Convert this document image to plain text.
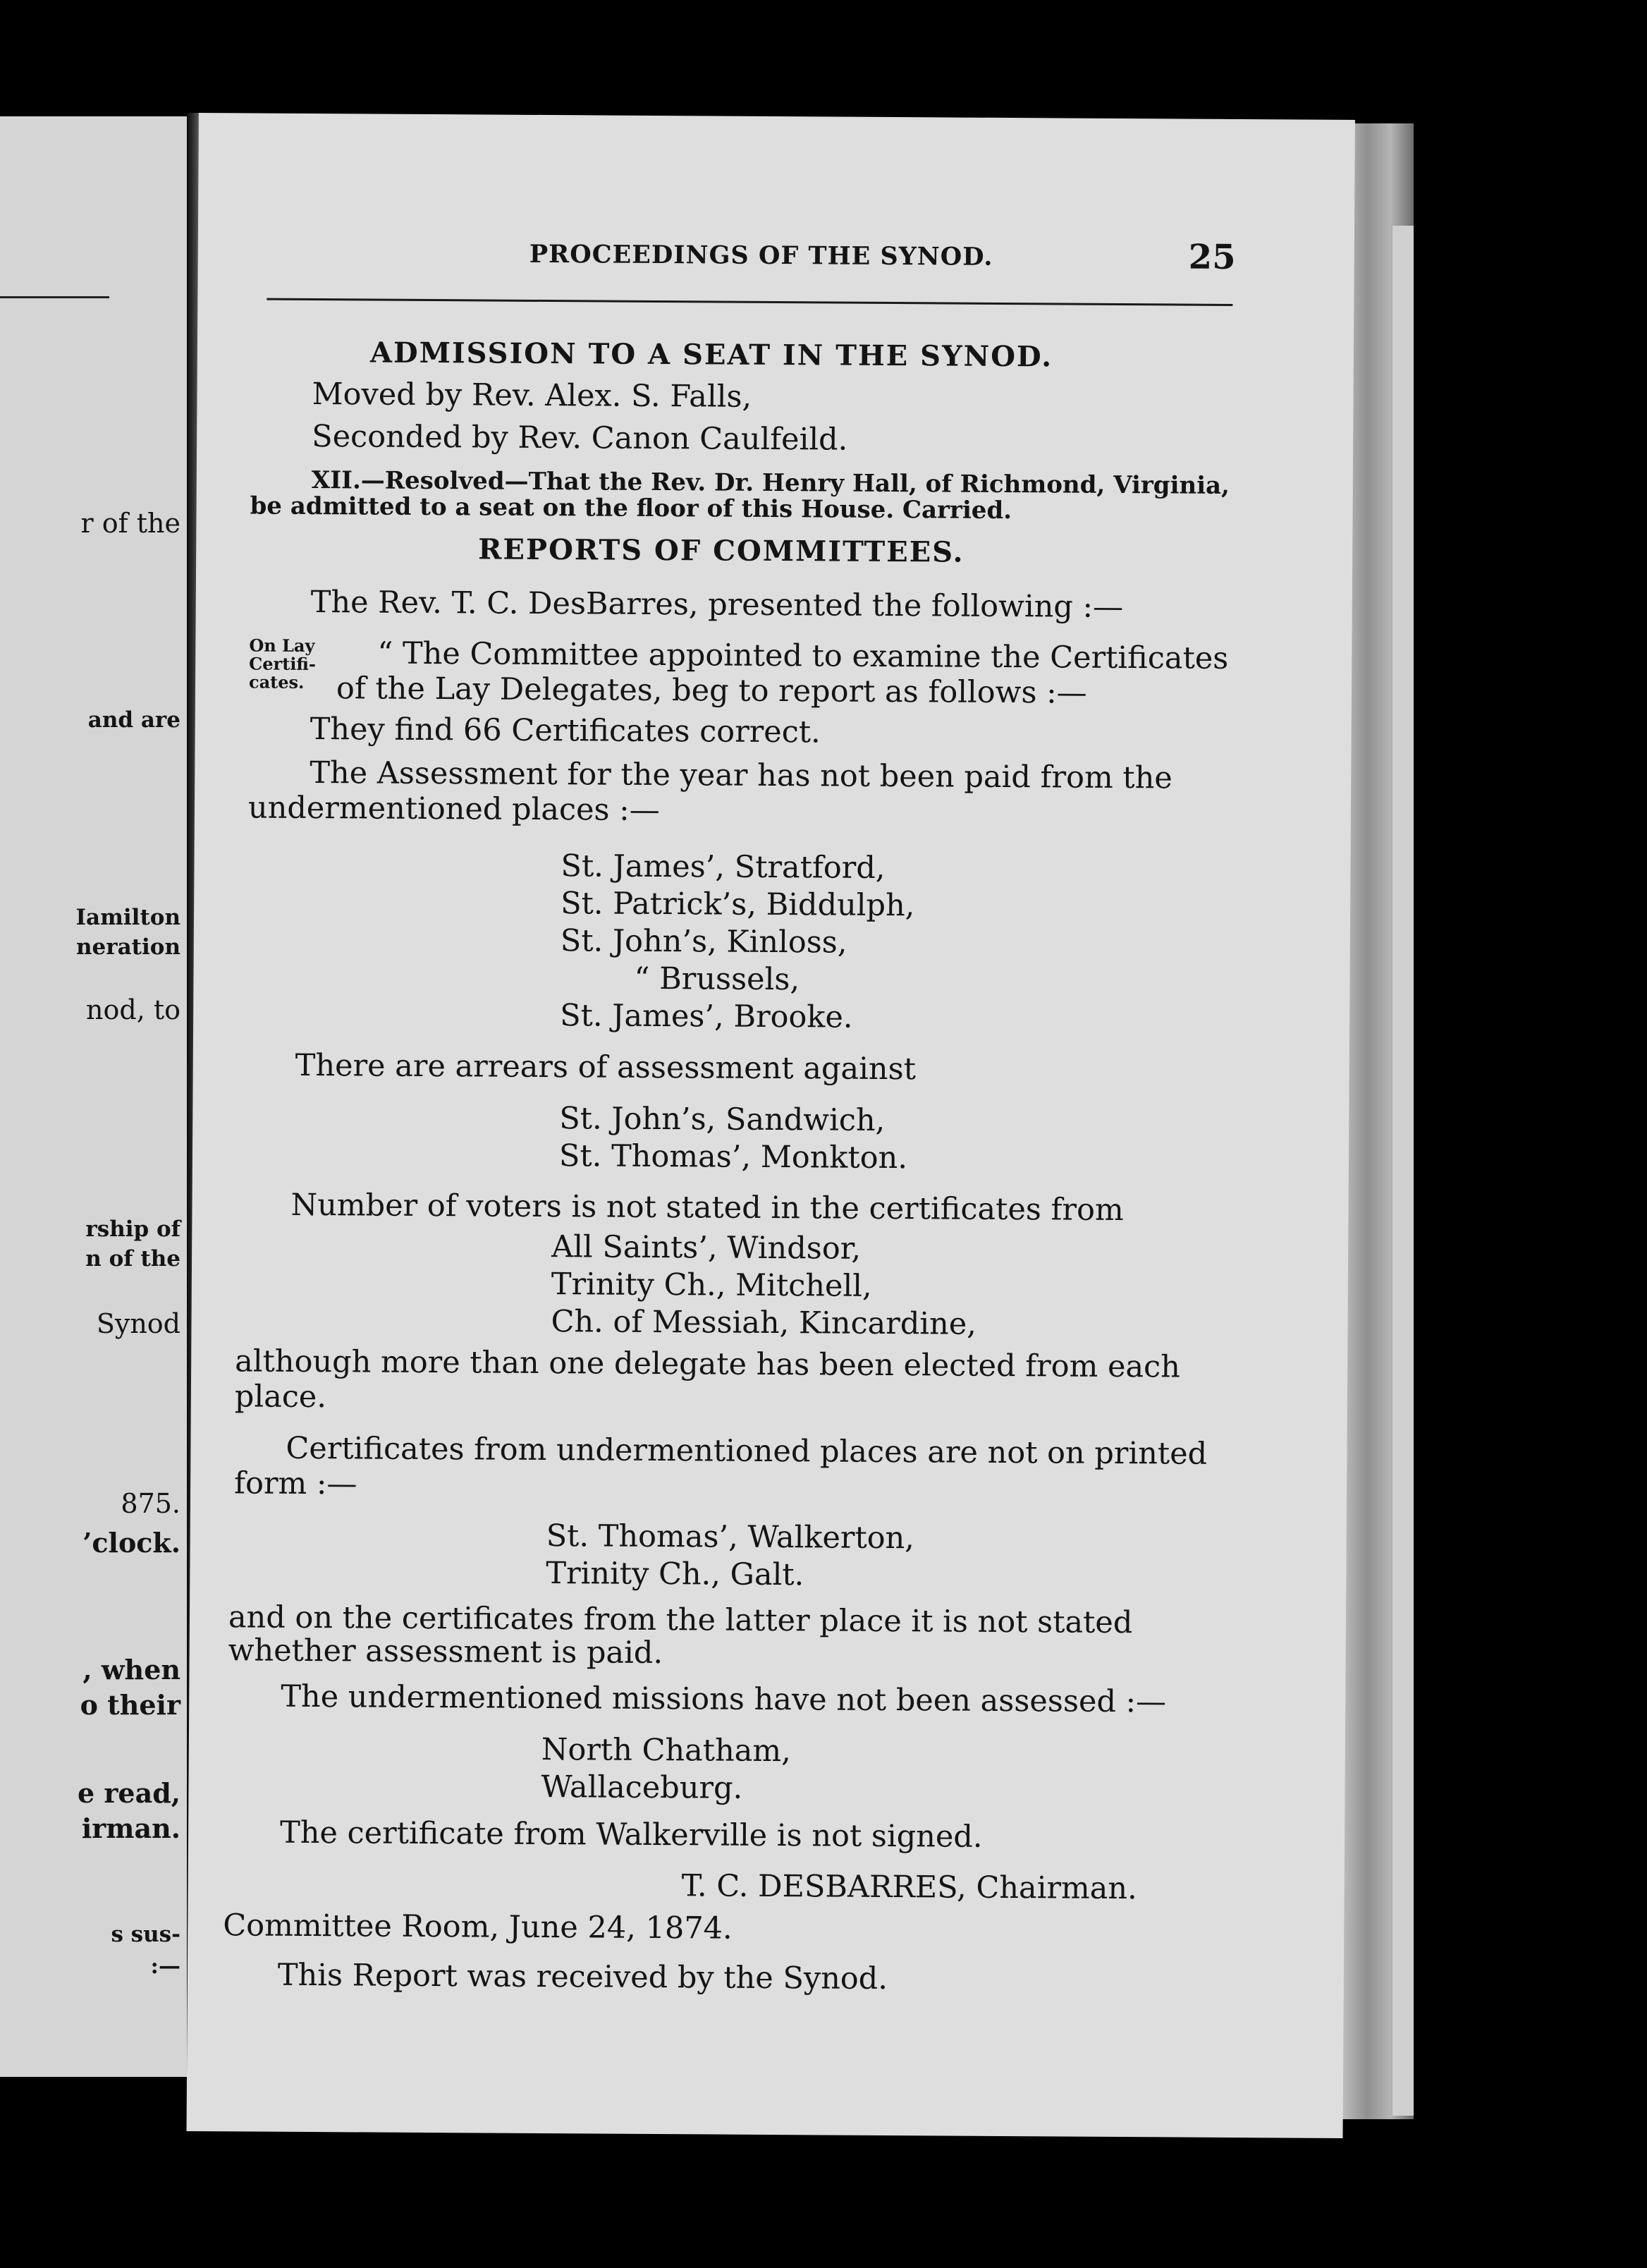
r of the
and are
Iamilton
neration
nod, to
rship of
n of the
Synod
875.
’clock.
, when
o their
e read,
irman.
s sus-
:—
PROCEEDINGS OF THE SYNOD.	25
ADMISSION TO A SEAT IN THE SYNOD.
Moved by Rev. Alex. S. Falls,
Seconded by Rev. Canon Caulfeild.
XII.—Resolved—That the Rev. Dr. Henry Hall, of Richmond, Virginia,
be admitted to a seat on the floor of this House. Carried.
REPORTS OF COMMITTEES.
On Lay
Certifi-
cates.
The Rev. T. C. DesBarres, presented the following :—
“ The Committee appointed to examine the Certificates
of the Lay Delegates, beg to report as follows :—
They find 66 Certificates correct.
The Assessment for the year has not been paid from the
undermentioned places :—
St. James’, Stratford,
St. Patrick’s, Biddulph,
St. John’s, Kinloss,
“ Brussels,
St. James’, Brooke.
There are arrears of assessment against
St. John’s, Sandwich,
St. Thomas’, Monkton.
Number of voters is not stated in the certificates from
All Saints’, Windsor,
Trinity Ch., Mitchell,
Ch. of Messiah, Kincardine,
although more than one delegate has been elected from each
place.
Certificates from undermentioned places are not on printed
form :—
St. Thomas’, Walkerton,
Trinity Ch., Galt.
and on the certificates from the latter place it is not stated
whether assessment is paid.
The undermentioned missions have not been assessed :—
North Chatham,
Wallaceburg.
The certificate from Walkerville is not signed.
T. C. DESBARRES, Chairman.
Committee Room, June 24, 1874.
This Report was received by the Synod.
